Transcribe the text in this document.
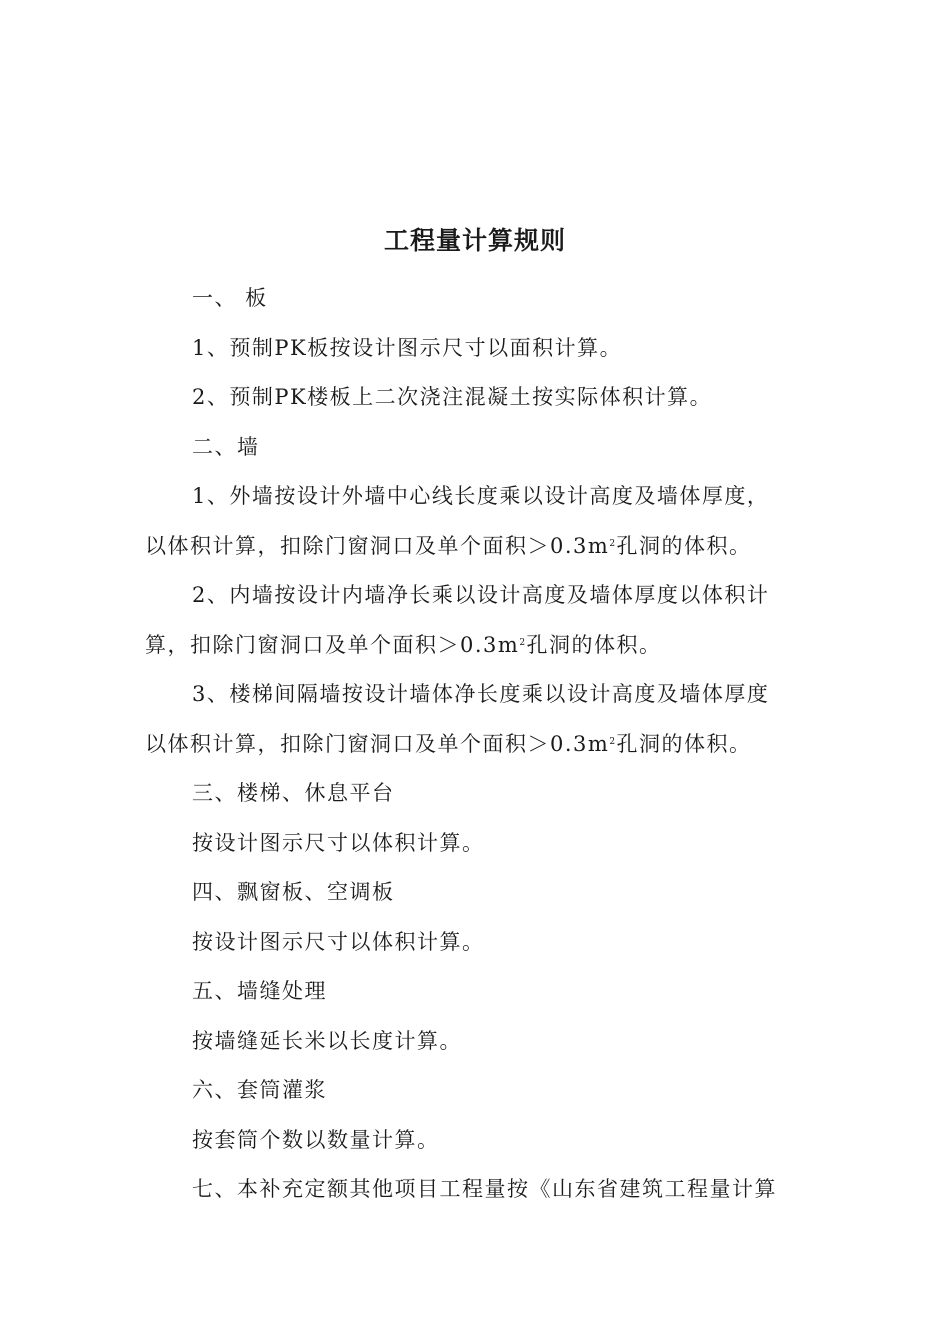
工程量计算规则

一、 板

1、预制PK板按设计图示尺寸以面积计算。

2、预制PK楼板上二次浇注混凝土按实际体积计算。

二、墙

1、外墙按设计外墙中心线长度乘以设计高度及墙体厚度，

以体积计算，扣除门窗洞口及单个面积$>0.3m^2$孔洞的体积。

2、内墙按设计内墙净长乘以设计高度及墙体厚度以体积计

算，扣除门窗洞口及单个面积$>0.3m^2$孔洞的体积。

3、楼梯间隔墙按设计墙体净长度乘以设计高度及墙体厚度

以体积计算，扣除门窗洞口及单个面积$>0.3m^2$孔洞的体积。

三、楼梯、休息平台

按设计图示尺寸以体积计算。

四、飘窗板、空调板

按设计图示尺寸以体积计算。

五、墙缝处理

按墙缝延长米以长度计算。

六、套筒灌浆

按套筒个数以数量计算。

七、本补充定额其他项目工程量按《山东省建筑工程量计算
